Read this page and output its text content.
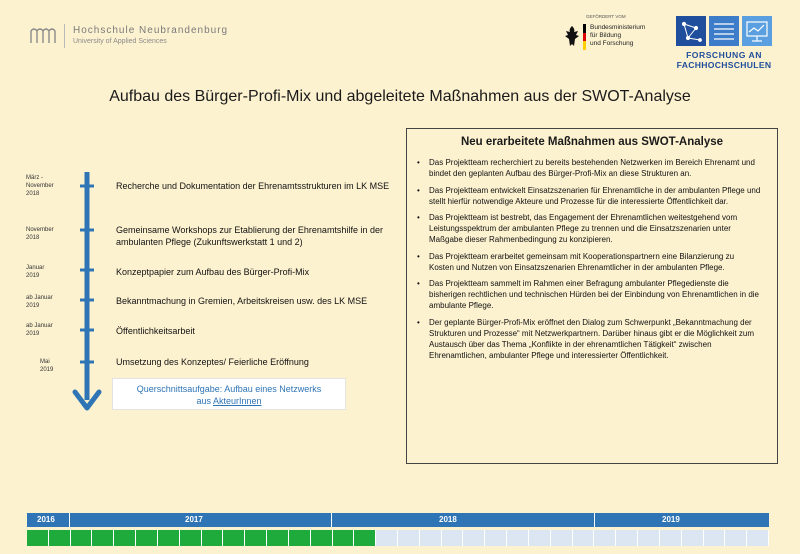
Hochschule Neubrandenburg
University of Applied Sciences
GEFÖRDERT VOM
Bundesministerium
für Bildung
und Forschung
FORSCHUNG AN
FACHHOCHSCHULEN
Aufbau des Bürger-Profi-Mix und abgeleitete Maßnahmen aus der SWOT-Analyse
März -
November
2018
Recherche und Dokumentation der Ehrenamtsstrukturen im LK MSE
November
2018
Gemeinsame Workshops zur Etablierung der Ehrenamtshilfe in der ambulanten Pflege (Zukunftswerkstatt 1 und 2)
Januar
2019	Konzeptpapier zum Aufbau des Bürger-Profi-Mix
ab Januar
2019	Bekanntmachung in Gremien, Arbeitskreisen usw. des LK MSE
ab Januar
2019	Öffentlichkeitsarbeit
Mai
2019
Umsetzung des Konzeptes/ Feierliche Eröffnung
Querschnittsaufgabe: Aufbau eines Netzwerks
aus AkteurInnen
Neu erarbeitete Maßnahmen aus SWOT-Analyse
• Das Projektteam recherchiert zu bereits bestehenden Netzwerken im Bereich Ehrenamt und bindet den geplanten Aufbau des Bürger-Profi-Mix an diese Strukturen an.
• Das Projektteam entwickelt Einsatzszenarien für Ehrenamtliche in der ambulanten Pflege und stellt hierfür notwendige Akteure und Prozesse für die interessierte Öffentlichkeit dar.
• Das Projektteam ist bestrebt, das Engagement der Ehrenamtlichen weitestgehend vom Leistungsspektrum der ambulanten Pflege zu trennen und die Einsatzszenarien unter Maßgabe dieser Rahmenbedingung zu konzipieren.
• Das Projektteam erarbeitet gemeinsam mit Kooperationspartnern eine Bilanzierung zu Kosten und Nutzen von Einsatzszenarien Ehrenamtlicher in der ambulanten Pflege.
• Das Projektteam sammelt im Rahmen einer Befragung ambulanter Pflegedienste die bisherigen rechtlichen und technischen Hürden bei der Einbindung von Ehrenamtlichen in die ambulante Pflege.
• Der geplante Bürger-Profi-Mix eröffnet den Dialog zum Schwerpunkt „Bekanntmachung der Strukturen und Prozesse“ mit Netzwerkpartnern. Darüber hinaus gibt er die Möglichkeit zum Austausch über das Thema „Konflikte in der ehrenamtlichen Tätigkeit“ zwischen Ehrenamtlichen, ambulanter Pflege und interessierter Öffentlichkeit.
2016	2017	2018	2019
